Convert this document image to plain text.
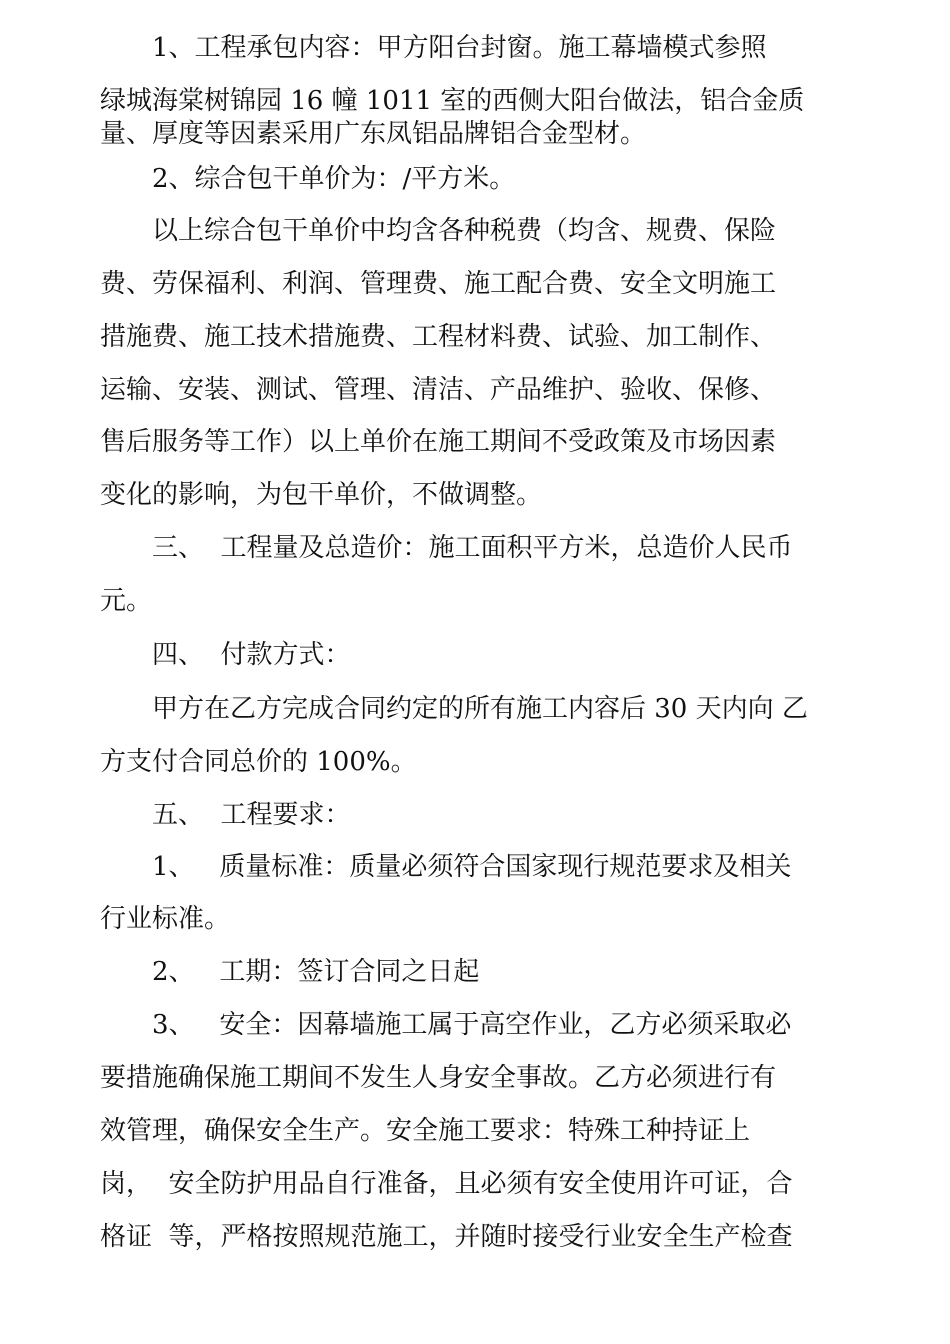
1、工程承包内容：甲方阳台封窗。施工幕墙模式参照
绿城海棠树锦园 16 幢 1011 室的西侧大阳台做法，铝合金质
量、厚度等因素采用广东凤铝品牌铝合金型材。
2、综合包干单价为：/平方米。
以上综合包干单价中均含各种税费（均含、规费、保险
费、劳保福利、利润、管理费、施工配合费、安全文明施工
措施费、施工技术措施费、工程材料费、试验、加工制作、
运输、安装、测试、管理、清洁、产品维护、验收、保修、
售后服务等工作）以上单价在施工期间不受政策及市场因素
变化的影响，为包干单价，不做调整。
三、  工程量及总造价：施工面积平方米，总造价人民币
元。
四、  付款方式：
甲方在乙方完成合同约定的所有施工内容后 30 天内向 乙
方支付合同总价的 100%。
五、  工程要求：
1、   质量标准：质量必须符合国家现行规范要求及相关
行业标准。
2、   工期：签订合同之日起
3、   安全：因幕墙施工属于高空作业，乙方必须采取必
要措施确保施工期间不发生人身安全事故。乙方必须进行有
效管理，确保安全生产。安全施工要求：特殊工种持证上
岗，  安全防护用品自行准备，且必须有安全使用许可证，合
格证  等，严格按照规范施工，并随时接受行业安全生产检查
